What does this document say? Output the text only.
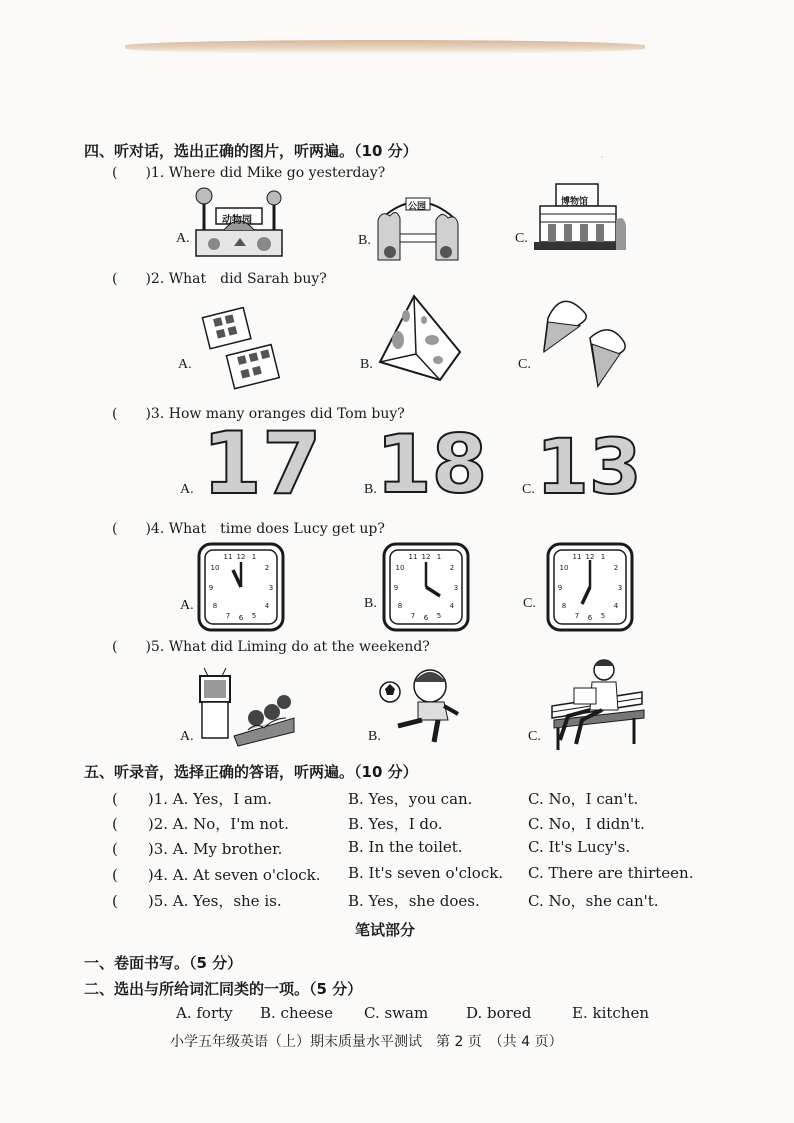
·
四、听对话，选出正确的图片，听两遍。（10 分）
(　　)1. Where did Mike go yesterday?
(　　)2. What　did Sarah buy?
(　　)3. How many oranges did Tom buy?
(　　)4. What　time does Lucy get up?
(　　)5. What did Liming do at the weekend?
A.	B.	C.
动物园
公园	博物馆
A.	B.	C.
A.	B.	C.
17 18 13
A.	B.	C.
12
11	1
10	2
9	3
8	4
7 6 5
12
11	1
10	2
9	3
8	4
7 6 5
12
11	1
10	2
9	3
8	4
7 6 5
A.	B.	C.
五、听录音，选择正确的答语，听两遍。（10 分）
(　　)1. A. Yes，I am.	B. Yes，you can.	C. No，I can't.
(　　)2. A. No，I'm not.	B. Yes，I do.	C. No，I didn't.
(　　)3. A. My brother.	B. In the toilet.	C. It's Lucy's.
(　　)4. A. At seven o'clock. B. It's seven o'clock. C. There are thirteen.
(　　)5. A. Yes，she is.	B. Yes，she does.	C. No，she can't.
笔试部分
一、卷面书写。（5 分）
二、选出与所给词汇同类的一项。（5 分）
A. forty B. cheese C. swam	D. bored	E. kitchen
小学五年级英语（上）期末质量水平测试　第 2 页　（共 4 页）
